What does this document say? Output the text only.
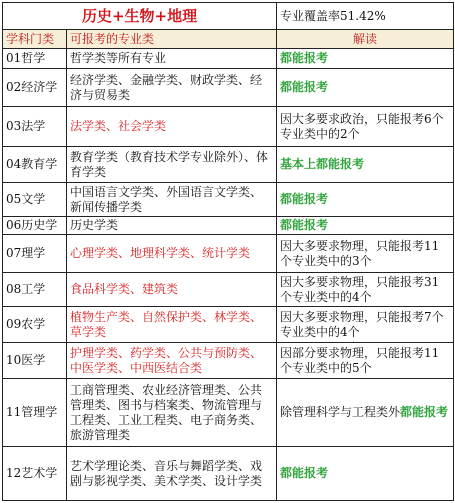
历史+生物+地理		专业覆盖率51.42%
学科门类	可报考的专业类	解读
01哲学	哲学类等所有专业	都能报考
02经济学	经济学类、金融学类、财政学类、经济与贸易类	都能报考
03法学	法学类、社会学类	因大多要求政治，只能报考6个专业类中的2个
04教育学	教育学类（教育技术学专业除外）、体育学类	基本上都能报考
05文学	中国语言文学类、外国语言文学类、新闻传播学类	都能报考
06历史学	历史学类	都能报考
07理学	心理学类、地理科学类、统计学类	因大多要求物理，只能报考11个专业类中的3个
08工学	食品科学类、建筑类	因大多要求物理，只能报考31个专业类中的4个
09农学	植物生产类、自然保护类、林学类、草学类	因大多要求物理，只能报考7个专业类中的4个
10医学	护理学类、药学类、公共与预防类、中医学类、中西医结合类	因部分要求物理，只能报考11个专业类中的5个
11管理学	工商管理类、农业经济管理类、公共管理类、图书与档案类、物流管理与工程类、工业工程类、电子商务类、旅游管理类	除管理科学与工程类外都能报考
12艺术学	艺术学理论类、音乐与舞蹈学类、戏剧与影视学类、美术学类、设计学类	都能报考
